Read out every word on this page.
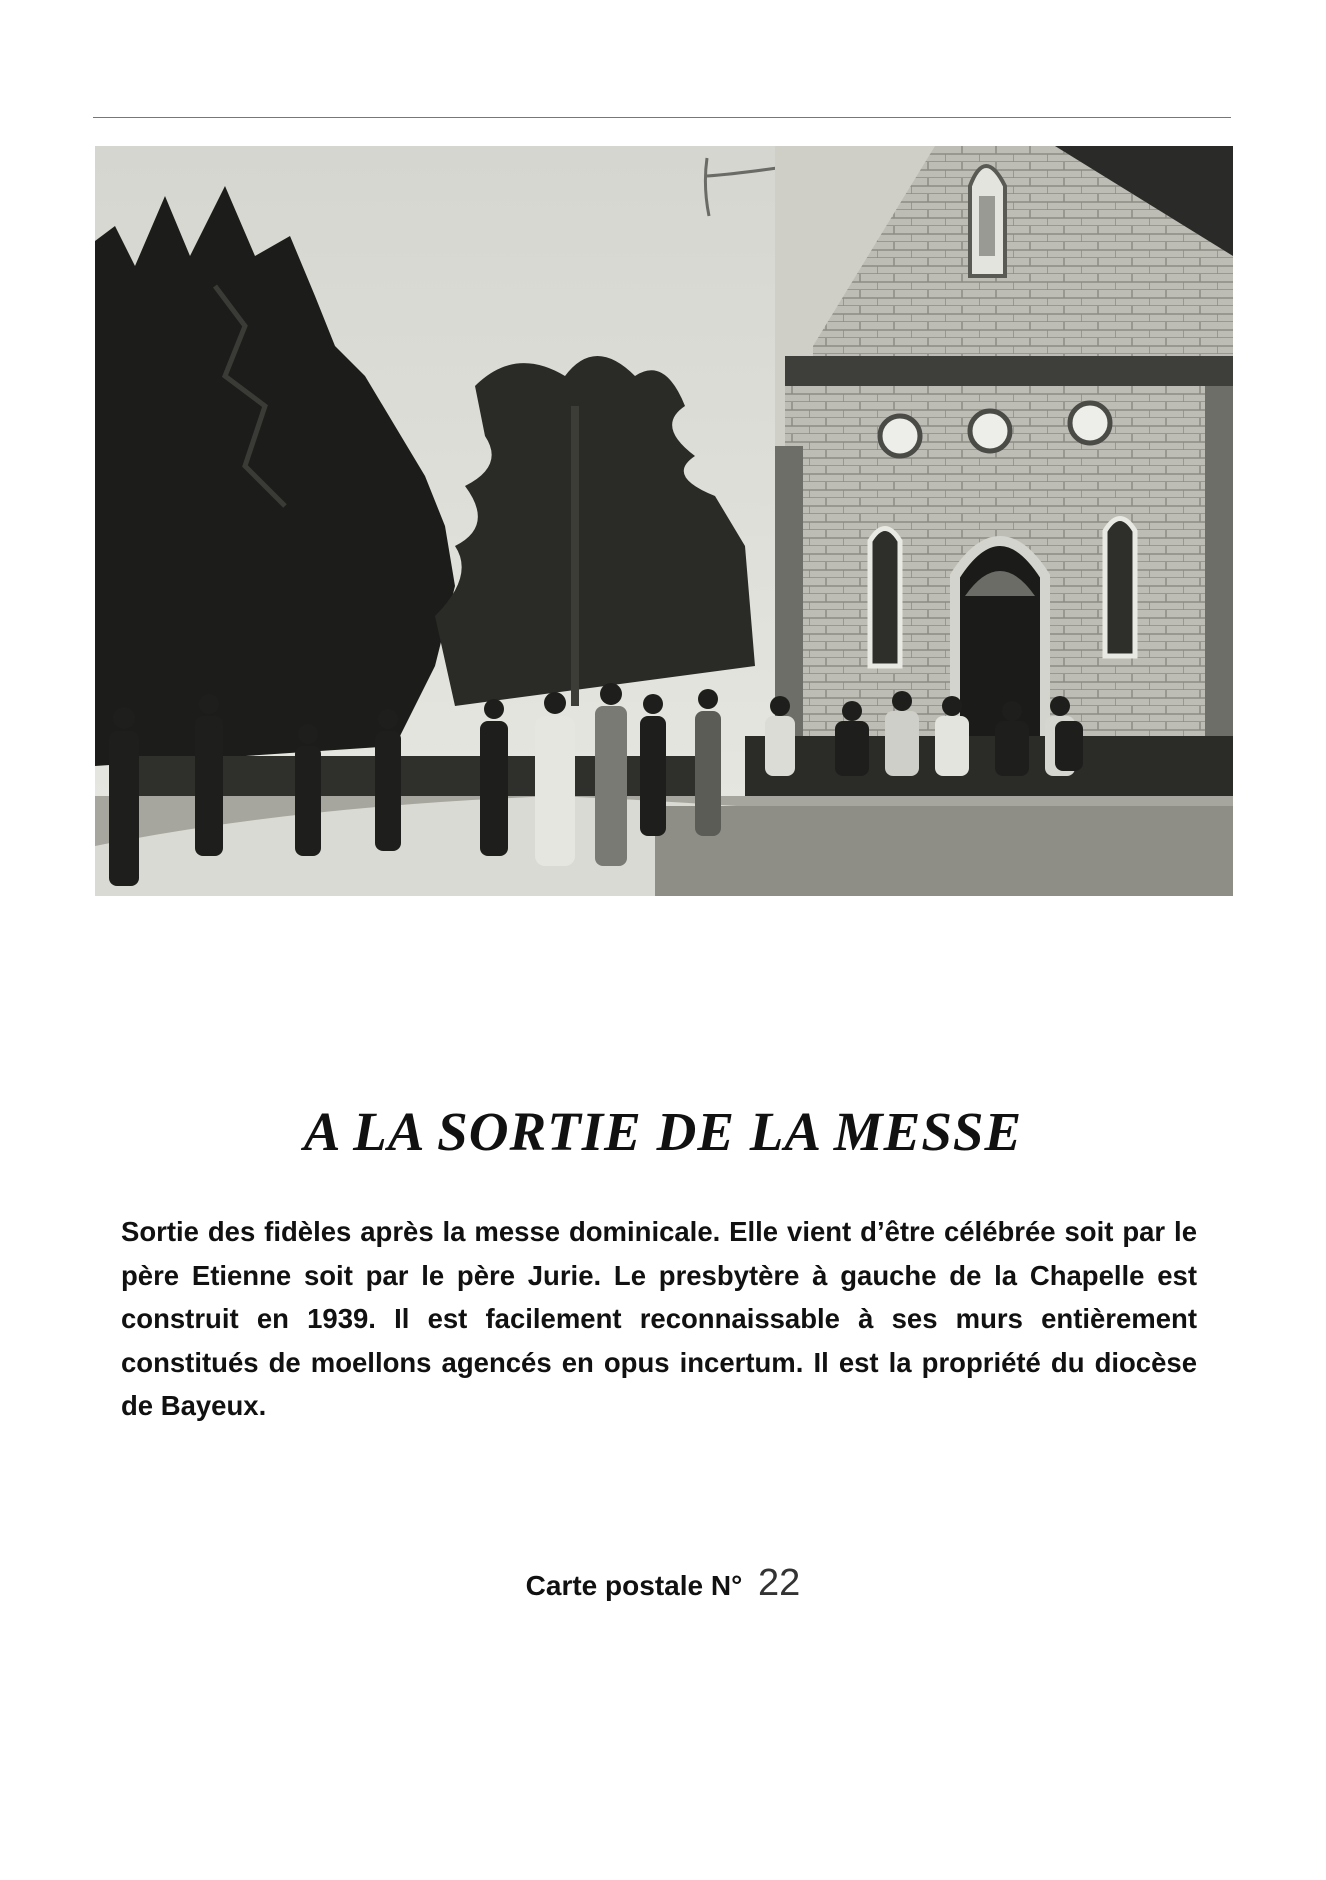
A LA SORTIE DE LA MESSE
Sortie des fidèles après la messe dominicale. Elle vient d’être célébrée soit par le père Etienne soit par le père Jurie. Le presbytère à gauche de la Chapelle est construit en 1939. Il est facilement reconnaissable à ses murs entièrement constitués de moellons agencés en opus incertum. Il est la propriété du diocèse de Bayeux.
Carte postale N° 22
